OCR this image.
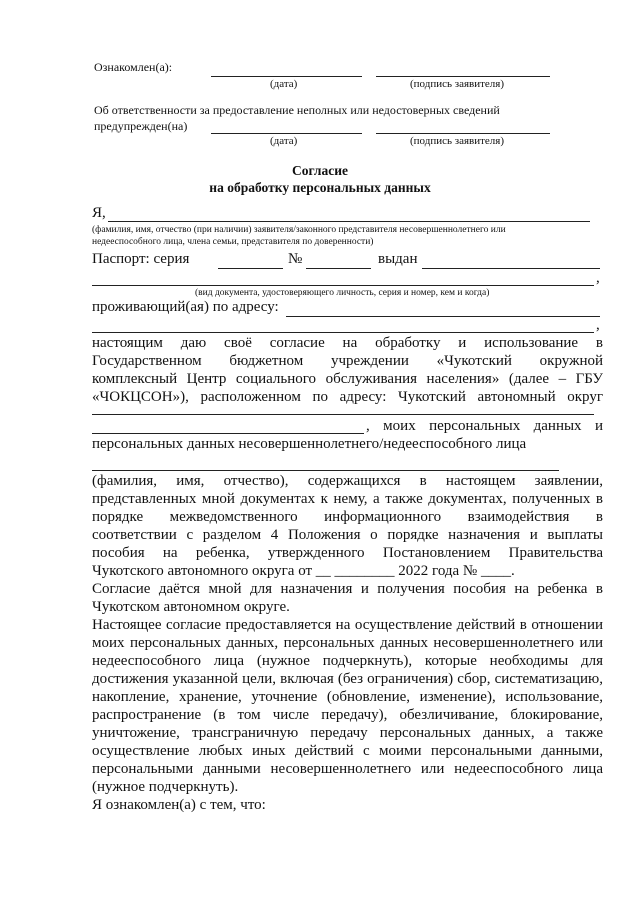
Ознакомлен(а):
(дата)	(подпись заявителя)
Об ответственности за предоставление неполных или недостоверных сведений
предупрежден(на)
(дата)	(подпись заявителя)
Согласие
на обработку персональных данных
Я,
(фамилия, имя, отчество (при наличии) заявителя/законного представителя несовершеннолетнего или
недееспособного лица, члена семьи, представителя по доверенности)
Паспорт: серия	№	выдан
,
(вид документа, удостоверяющего личность, серия и номер, кем и когда)
проживающий(ая) по адресу:
,
настоящим даю своё согласие на обработку и использование в
Государственном бюджетном учреждении «Чукотский окружной
комплексный Центр социального обслуживания населения» (далее – ГБУ
«ЧОКЦСОН»), расположенном по адресу: Чукотский автономный округ
, моих персональных данных и
персональных данных несовершеннолетнего/недееспособного лица
(фамилия, имя, отчество), содержащихся в настоящем заявлении,
представленных мной документах к нему, а также документах, полученных в
порядке межведомственного информационного взаимодействия в
соответствии с разделом 4 Положения о порядке назначения и выплаты
пособия на ребенка, утвержденного Постановлением Правительства
Чукотского автономного округа от __ ________ 2022 года № ____.
Согласие даётся мной для назначения и получения пособия на ребенка в
Чукотском автономном округе.
Настоящее согласие предоставляется на осуществление действий в отношении
моих персональных данных, персональных данных несовершеннолетнего или
недееспособного лица (нужное подчеркнуть), которые необходимы для
достижения указанной цели, включая (без ограничения) сбор, систематизацию,
накопление, хранение, уточнение (обновление, изменение), использование,
распространение (в том числе передачу), обезличивание, блокирование,
уничтожение, трансграничную передачу персональных данных, а также
осуществление любых иных действий с моими персональными данными,
персональными данными несовершеннолетнего или недееспособного лица
(нужное подчеркнуть).
Я ознакомлен(а) с тем, что:
